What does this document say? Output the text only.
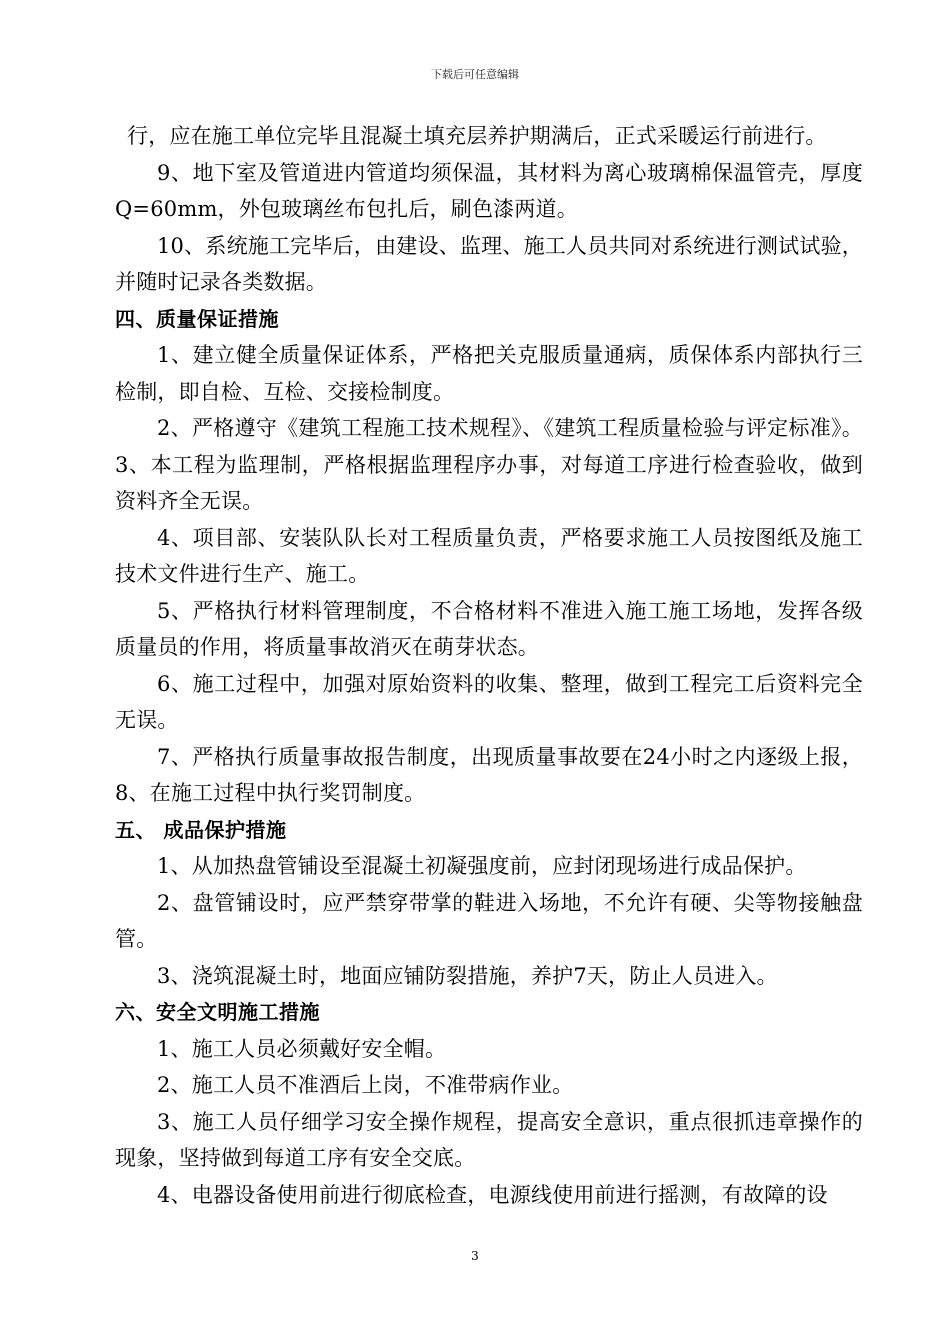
下载后可任意编辑

行，应在施工单位完毕且混凝土填充层养护期满后，正式采暖运行前进行。

9、地下室及管道进内管道均须保温，其材料为离心玻璃棉保温管壳，厚度Q=60mm，外包玻璃丝布包扎后，刷色漆两道。

10、系统施工完毕后，由建设、监理、施工人员共同对系统进行测试试验，并随时记录各类数据。

四、质量保证措施

1、建立健全质量保证体系，严格把关克服质量通病，质保体系内部执行三检制，即自检、互检、交接检制度。

2、严格遵守《建筑工程施工技术规程》、《建筑工程质量检验与评定标准》。3、本工程为监理制，严格根据监理程序办事，对每道工序进行检查验收，做到资料齐全无误。

4、项目部、安装队队长对工程质量负责，严格要求施工人员按图纸及施工技术文件进行生产、施工。

5、严格执行材料管理制度，不合格材料不准进入施工施工场地，发挥各级质量员的作用，将质量事故消灭在萌芽状态。

6、施工过程中，加强对原始资料的收集、整理，做到工程完工后资料完全无误。

7、严格执行质量事故报告制度，出现质量事故要在24小时之内逐级上报，8、在施工过程中执行奖罚制度。

五、 成品保护措施

1、从加热盘管铺设至混凝土初凝强度前，应封闭现场进行成品保护。

2、盘管铺设时，应严禁穿带掌的鞋进入场地，不允许有硬、尖等物接触盘管。

3、浇筑混凝土时，地面应铺防裂措施，养护7天，防止人员进入。

六、安全文明施工措施

1、施工人员必须戴好安全帽。

2、施工人员不准酒后上岗，不准带病作业。

3、施工人员仔细学习安全操作规程，提高安全意识，重点很抓违章操作的现象，坚持做到每道工序有安全交底。

4、电器设备使用前进行彻底检查，电源线使用前进行摇测，有故障的设

3
